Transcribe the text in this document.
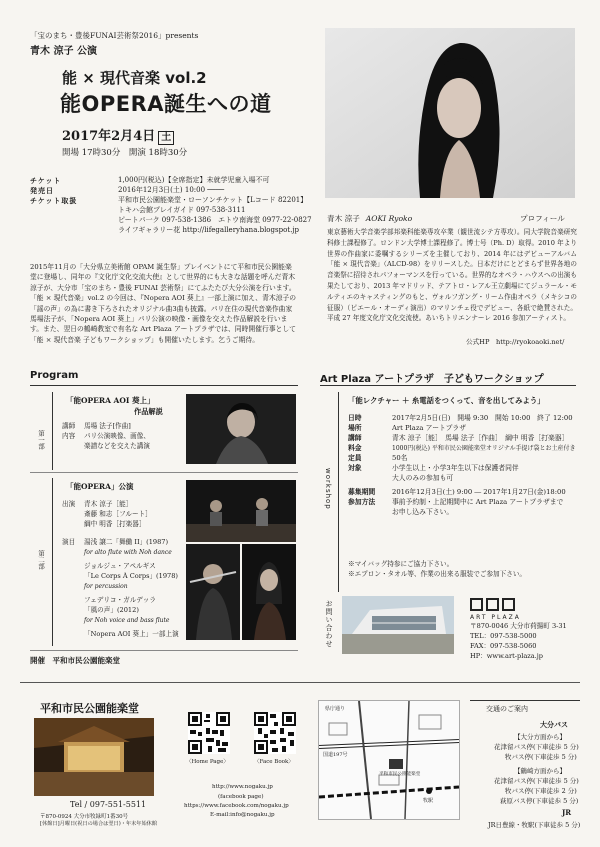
「宝のまち・豊後FUNAI芸術祭2016」presents
青木 涼子 公演
能 × 現代音楽 vol.2
能OPERA誕生への道
2017年2月4日 土
開場 17時30分　開演 18時30分
チケット	1,000円(税込)【全席指定】未就学児童入場不可
発売日	2016年12月3日(土) 10:00 ────
チケット取扱	平和市民公園能楽堂・ローソンチケット【Lコード 82201】
トキハ会館プレイガイド 097-538-3111
ピートパ一ク 097-538-1386　エトウ南海堂 0977-22-0827
ライフギャラリー花 http://lifegalleryhana.blogspot.jp
青木 涼子 AOKI Ryoko	プロフィール
東京藝術大学音楽学部邦楽科能楽専攻卒業（観世流シテ方専攻）。同大学院音楽研究科修士課程修了。ロンドン大学博士課程修了。博士号（Ph. D）取得。2010 年より世界の作曲家に委嘱するシリーズを主催しており、2014 年にはデビューアルバム「能 × 現代音楽」（ALCD-98）をリリースした。日本だけにとどまらず世界各地の音楽祭に招待されパフォーマンスを行っている。世界的なオペラ・ハウスへの出演も果たしており、2013 年マドリッド、テアトロ・レアル王立劇場にてジュラール・モルティエのキャスティングのもと、ヴォルフガング・リーム作曲オペラ（メキシコの征服）（ピエール・オーディ演出）のマリンチェ役でデビュー、各紙で絶賛された。平成 27 年度文化庁文化交流使。あいちトリエンナーレ 2016 参加アーティスト。
公式HP　http://ryokoaoki.net/
2015年11月の「大分県立美術館 OPAM 誕生祭」プレイベントにて平和市民公園能楽堂に登場し、同年の『文化庁文化交流大使』として世界的にも大きな話題を呼んだ青木涼子が、大分市「宝のまち・豊後 FUNAI 芸術祭」にてふたたび大分公演を行います。「能 × 現代音楽」vol.2 の今回は、『Nopera AOI 葵上』一部上演に加え、青木涼子の「謡の声」の為に書き下ろされたオリジナル曲3曲も披露。パリ在住の現代音楽作曲家馬場法子が、「Nopera AOI 葵上」パリ公演の映像・画像を交えた作品解説を行います。また、翌日の鶴崎教室で有名な Art Plaza アートプラザでは、同時開催行事として「能 × 現代音楽 子どもワークショップ」も開催いたします。乞うご期待。
Program
第一部
「能OPERA AOI 葵上」
作品解説
講師 馬場 法子[作曲]
内容 パリ公演映像、画像、
楽譜などを交えた講演
第二部
「能OPERA」公演
出演 青木 涼子［能］
斎藤 和志［フルート］
綱中 明香［打楽器］
演目 湯浅 譲二「舞働 II」(1987)
for alto flute with Noh dance
ジョルジュ・アペルギス
「Le Corps À Corps」(1978)
for percussion
フェデリコ・ガルデッラ
「風の声」(2012)
for Noh voice and bass flute
「Nopera AOI 葵上」一部上演
開催　平和市民公園能楽堂
Art Plaza アートプラザ　子どもワークショップ
workshop
「能レクチャー ＋ 糸電話をつくって、音を出してみよう」
日時	2017年2月5日(日)　開場 9:30　開始 10:00　終了 12:00
場所	Art Plaza アートプラザ
講師	青木 涼子［能］　馬場 法子［作曲］　綱中 明香［打楽器］
料金	1000円(税込) 平和市民公園能楽堂オリジナル手提げ袋とお土産付き
定員	50名
対象	小学生以上・小学3年生以下は保護者同伴
大人のみの参加も可
募集期間 2016年12月3日(土) 9:00 ― 2017年1月27日(金)18:00
参加方法 事前予約制・上記期間中に Art Plaza アートプラザまで
お申し込み下さい。
※マイバッグ持参にご協力下さい。
※エプロン・タオル等、作業の出来る服装でご参加下さい。
お問い合わせ	ART PLAZA
〒870-0046 大分市荷揚町 3-31
TEL：097-538-5000
FAX：097-538-5060
HP：www.art-plaza.jp
平和市民公園能楽堂
Tel / 097-551-5511
〒870-0924 大分市牧緑町1番30号
[休館日]月曜日(祝日の場合は翌日)・年末年始休館
〈Home Page〉	〈Face Book〉
http://www.nogaku.jp
(facebook page)
https://www.facebook.com/nogaku.jp
E-mail:info@nogaku.jp
県庁通り
国道197号
平和市民公園能楽堂
牧駅
交通のご案内
大分バス
【大分方面から】
花津留バス停(下車徒歩 5 分)
牧バス停(下車徒歩 5 分)
【鶴崎方面から】
花津留バス停(下車徒歩 5 分)
牧バス停(下車徒歩 2 分)
萩原バス停(下車徒歩 5 分)
JR
JR日豊線・牧駅(下車徒歩 5 分)
